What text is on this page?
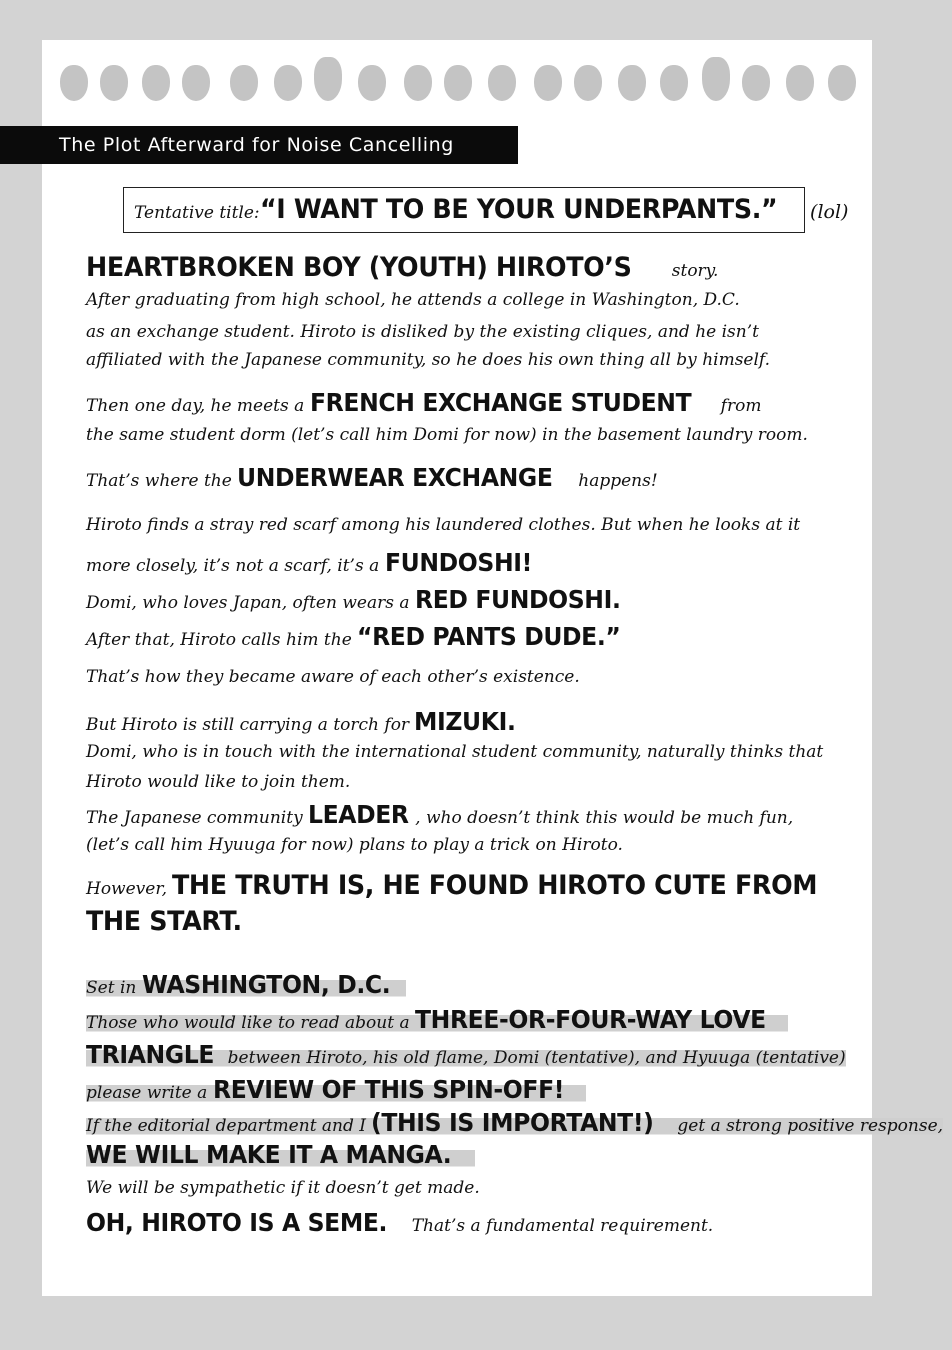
The Plot Afterward for Noise Cancelling
Tentative title:“I WANT TO BE YOUR UNDERPANTS.” (lol)
HEARTBROKEN BOY (YOUTH) HIROTO’S story.
After graduating from high school, he attends a college in Washington, D.C.
as an exchange student. Hiroto is disliked by the existing cliques, and he isn’t
affiliated with the Japanese community, so he does his own thing all by himself.
Then one day, he meets a FRENCH EXCHANGE STUDENT from
the same student dorm (let’s call him Domi for now) in the basement laundry room.
That’s where the UNDERWEAR EXCHANGE happens!
Hiroto finds a stray red scarf among his laundered clothes. But when he looks at it
more closely, it’s not a scarf, it’s a FUNDOSHI!
Domi, who loves Japan, often wears a RED FUNDOSHI.
After that, Hiroto calls him the “RED PANTS DUDE.”
That’s how they became aware of each other’s existence.
But Hiroto is still carrying a torch for MIZUKI.
Domi, who is in touch with the international student community, naturally thinks that
Hiroto would like to join them.
The Japanese community LEADER , who doesn’t think this would be much fun,
(let’s call him Hyuuga for now) plans to play a trick on Hiroto.
However, THE TRUTH IS, HE FOUND HIROTO CUTE FROM
THE START.
Set in WASHINGTON, D.C.
Those who would like to read about a THREE-OR-FOUR-WAY LOVE
TRIANGLE between Hiroto, his old flame, Domi (tentative), and Hyuuga (tentative)
please write a REVIEW OF THIS SPIN-OFF!
If the editorial department and I (THIS IS IMPORTANT!) get a strong positive response,
WE WILL MAKE IT A MANGA.
We will be sympathetic if it doesn’t get made.
OH, HIROTO IS A SEME. That’s a fundamental requirement.
